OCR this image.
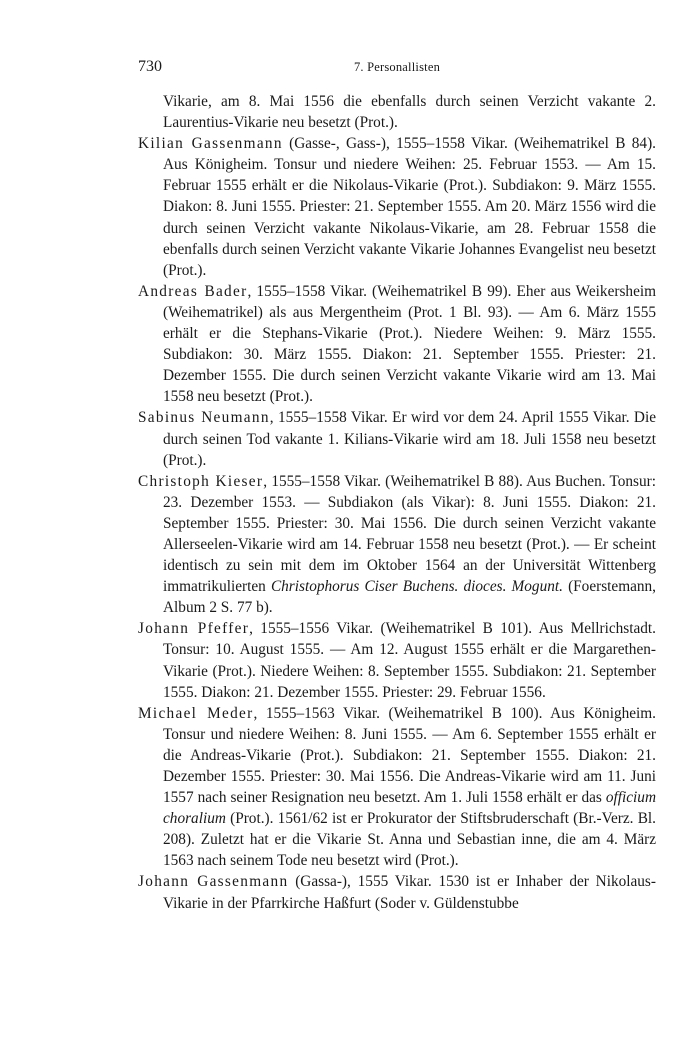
730	7. Personallisten

Vikarie, am 8. Mai 1556 die ebenfalls durch seinen Verzicht vakante 2. Laurentius-Vikarie neu besetzt (Prot.).

Kilian Gassenmann (Gasse-, Gass-), 1555–1558 Vikar. (Weihematrikel B 84). Aus Königheim. Tonsur und niedere Weihen: 25. Februar 1553. — Am 15. Februar 1555 erhält er die Nikolaus-Vikarie (Prot.). Subdiakon: 9. März 1555. Diakon: 8. Juni 1555. Priester: 21. September 1555. Am 20. März 1556 wird die durch seinen Verzicht vakante Nikolaus-Vikarie, am 28. Februar 1558 die ebenfalls durch seinen Verzicht vakante Vikarie Johannes Evangelist neu besetzt (Prot.).

Andreas Bader, 1555–1558 Vikar. (Weihematrikel B 99). Eher aus Weikersheim (Weihematrikel) als aus Mergentheim (Prot. 1 Bl. 93). — Am 6. März 1555 erhält er die Stephans-Vikarie (Prot.). Niedere Weihen: 9. März 1555. Subdiakon: 30. März 1555. Diakon: 21. September 1555. Priester: 21. Dezember 1555. Die durch seinen Verzicht vakante Vikarie wird am 13. Mai 1558 neu besetzt (Prot.).

Sabinus Neumann, 1555–1558 Vikar. Er wird vor dem 24. April 1555 Vikar. Die durch seinen Tod vakante 1. Kilians-Vikarie wird am 18. Juli 1558 neu besetzt (Prot.).

Christoph Kieser, 1555–1558 Vikar. (Weihematrikel B 88). Aus Buchen. Tonsur: 23. Dezember 1553. — Subdiakon (als Vikar): 8. Juni 1555. Diakon: 21. September 1555. Priester: 30. Mai 1556. Die durch seinen Verzicht vakante Allerseelen-Vikarie wird am 14. Februar 1558 neu besetzt (Prot.). — Er scheint identisch zu sein mit dem im Oktober 1564 an der Universität Wittenberg immatrikulierten Christophorus Ciser Buchens. dioces. Mogunt. (Foerstemann, Album 2 S. 77 b).

Johann Pfeffer, 1555–1556 Vikar. (Weihematrikel B 101). Aus Mellrichstadt. Tonsur: 10. August 1555. — Am 12. August 1555 erhält er die Margarethen-Vikarie (Prot.). Niedere Weihen: 8. September 1555. Subdiakon: 21. September 1555. Diakon: 21. Dezember 1555. Priester: 29. Februar 1556.

Michael Meder, 1555–1563 Vikar. (Weihematrikel B 100). Aus Königheim. Tonsur und niedere Weihen: 8. Juni 1555. — Am 6. September 1555 erhält er die Andreas-Vikarie (Prot.). Subdiakon: 21. September 1555. Diakon: 21. Dezember 1555. Priester: 30. Mai 1556. Die Andreas-Vikarie wird am 11. Juni 1557 nach seiner Resignation neu besetzt. Am 1. Juli 1558 erhält er das officium choralium (Prot.). 1561/62 ist er Prokurator der Stiftsbruderschaft (Br.-Verz. Bl. 208). Zuletzt hat er die Vikarie St. Anna und Sebastian inne, die am 4. März 1563 nach seinem Tode neu besetzt wird (Prot.).

Johann Gassenmann (Gassa-), 1555 Vikar. 1530 ist er Inhaber der Nikolaus-Vikarie in der Pfarrkirche Haßfurt (Soder v. Güldenstubbe
